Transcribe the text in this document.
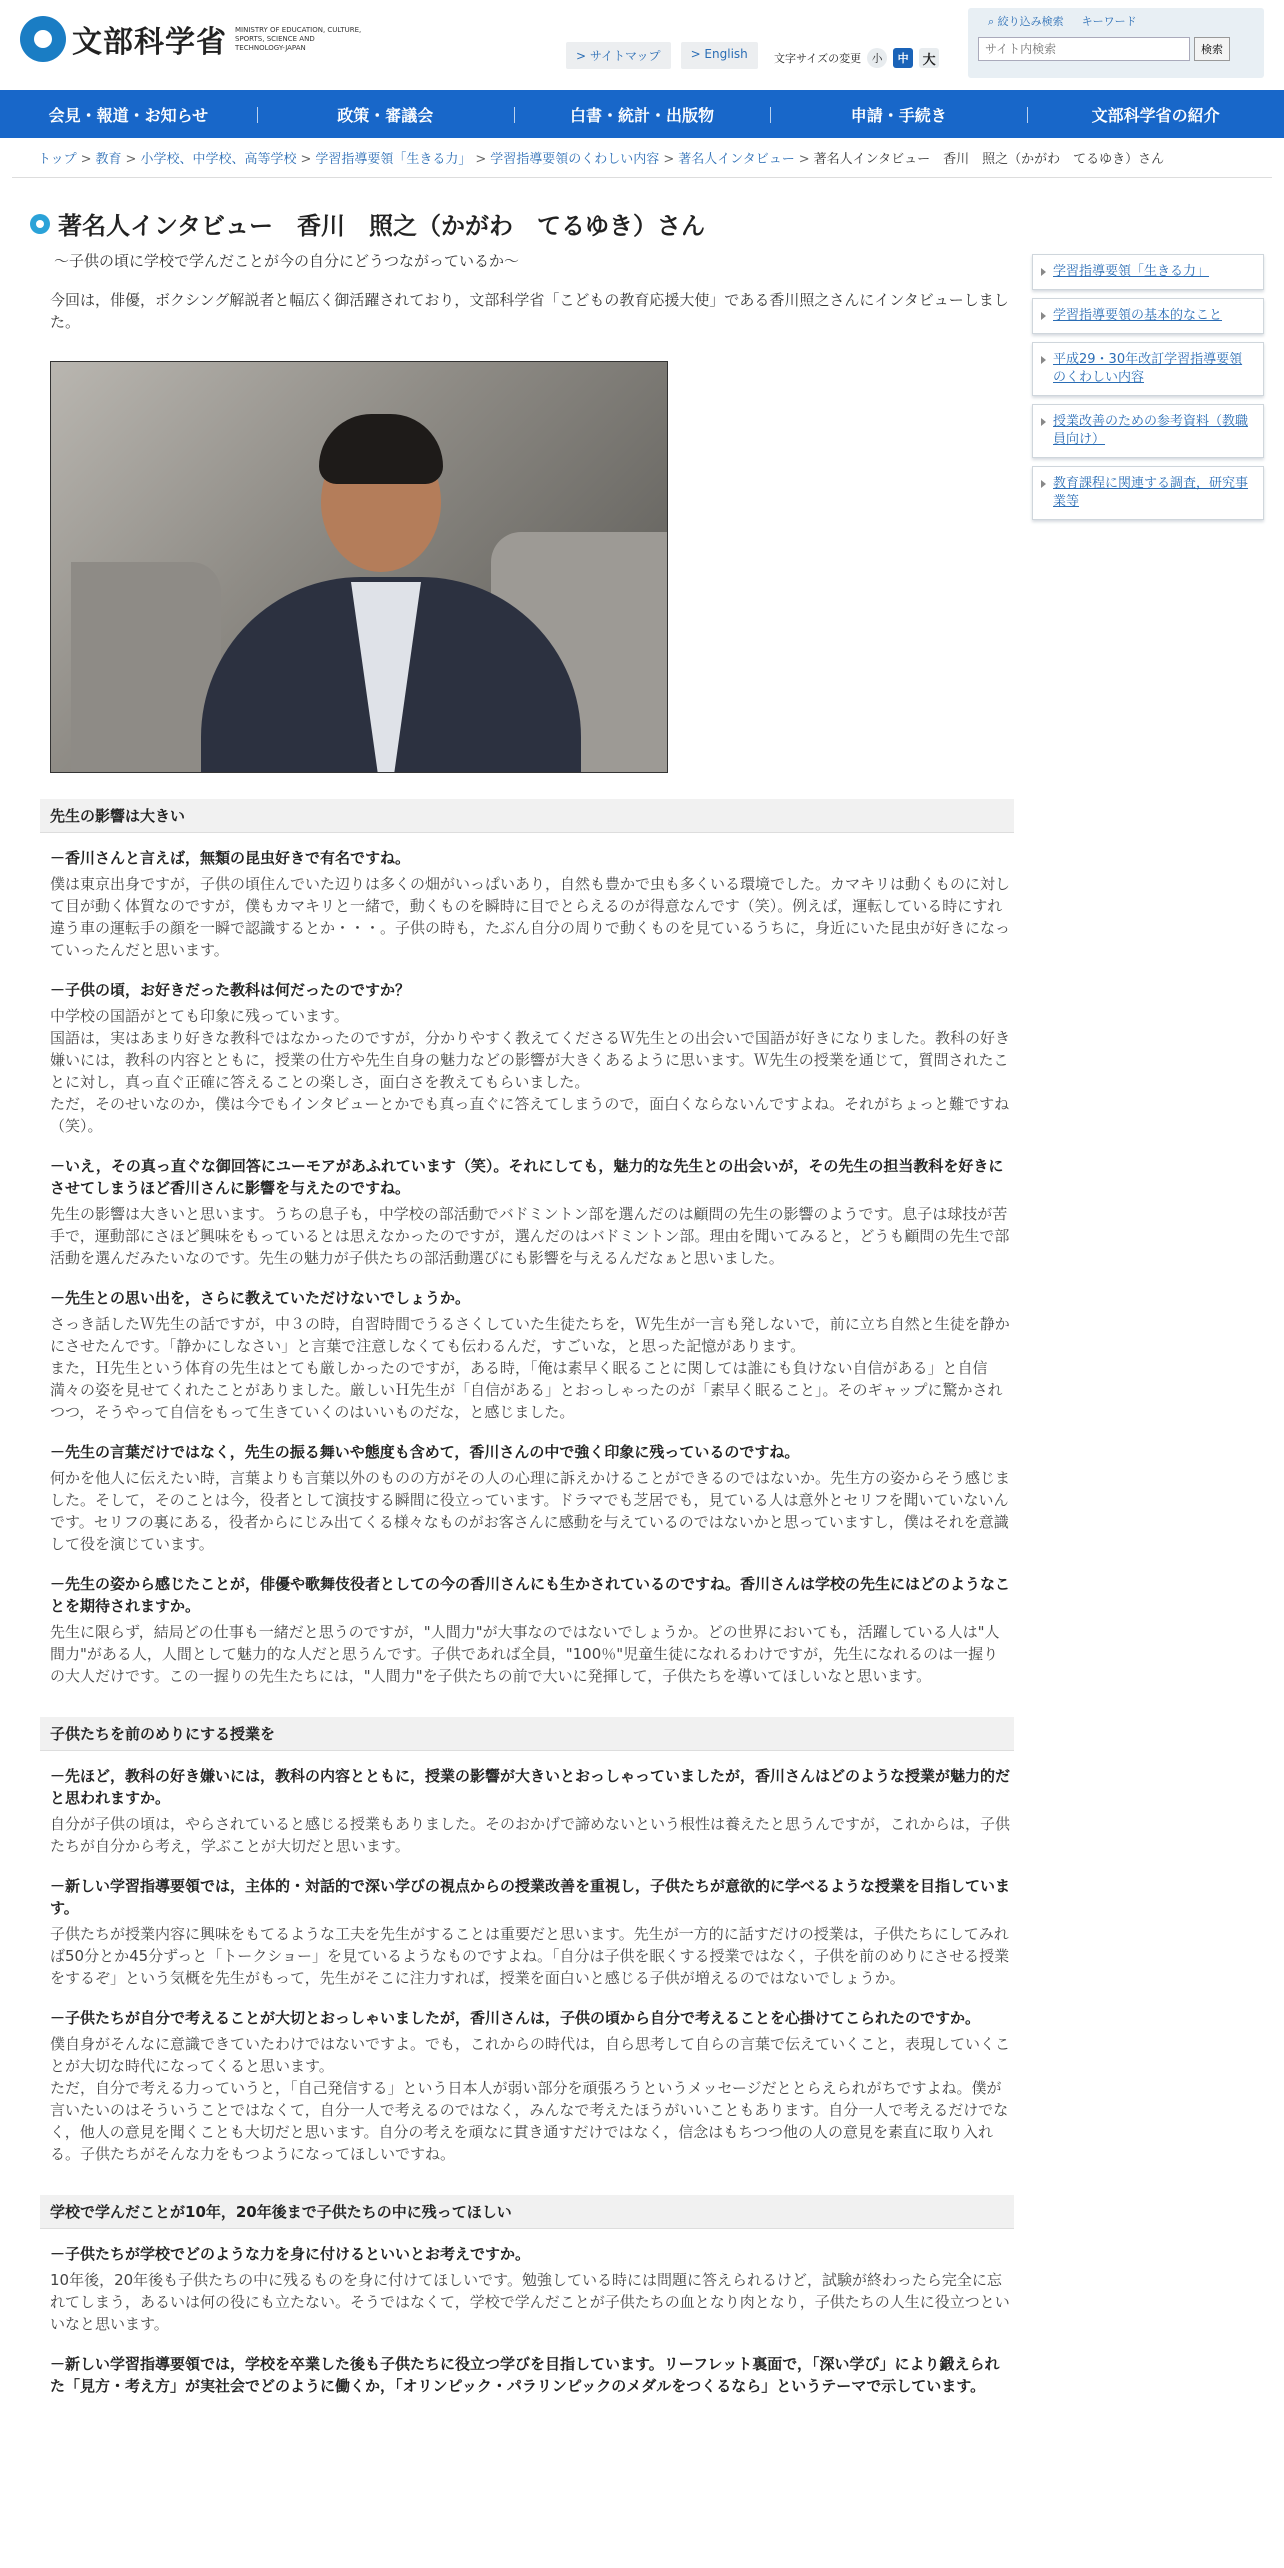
文部科学省 MINISTRY OF EDUCATION, CULTURE, SPORTS, SCIENCE AND TECHNOLOGY-JAPAN
> サイトマップ	> English	文字サイズの変更 小	中	大
⌕ 絞り込み検索 キーワード
サイト内検索
検索
会見・報道・お知らせ	政策・審議会	白書・統計・出版物	申請・手続き	文部科学省の紹介
トップ > 教育 > 小学校、中学校、高等学校 > 学習指導要領「生きる力」 > 学習指導要領のくわしい内容 > 著名人インタビュー > 著名人インタビュー　香川　照之（かがわ　てるゆき）さん
著名人インタビュー　香川　照之（かがわ　てるゆき）さん

～子供の頃に学校で学んだことが今の自分にどうつながっているか～

今回は，俳優，ボクシング解説者と幅広く御活躍されており，文部科学省「こどもの教育応援大使」である香川照之さんにインタビューしました。

先生の影響は大きい

－香川さんと言えば，無類の昆虫好きで有名ですね。

僕は東京出身ですが，子供の頃住んでいた辺りは多くの畑がいっぱいあり，自然も豊かで虫も多くいる環境でした。カマキリは動くものに対して目が動く体質なのですが，僕もカマキリと一緒で，動くものを瞬時に目でとらえるのが得意なんです（笑）。例えば，運転している時にすれ違う車の運転手の顔を一瞬で認識するとか・・・。子供の時も，たぶん自分の周りで動くものを見ているうちに，身近にいた昆虫が好きになっていったんだと思います。

－子供の頃，お好きだった教科は何だったのですか？

中学校の国語がとても印象に残っています。
国語は，実はあまり好きな教科ではなかったのですが，分かりやすく教えてくださるＷ先生との出会いで国語が好きになりました。教科の好き嫌いには，教科の内容とともに，授業の仕方や先生自身の魅力などの影響が大きくあるように思います。Ｗ先生の授業を通じて，質問されたことに対し，真っ直ぐ正確に答えることの楽しさ，面白さを教えてもらいました。
ただ，そのせいなのか，僕は今でもインタビューとかでも真っ直ぐに答えてしまうので，面白くならないんですよね。それがちょっと難ですね（笑）。

－いえ，その真っ直ぐな御回答にユーモアがあふれています（笑）。それにしても，魅力的な先生との出会いが，その先生の担当教科を好きにさせてしまうほど香川さんに影響を与えたのですね。

先生の影響は大きいと思います。うちの息子も，中学校の部活動でバドミントン部を選んだのは顧問の先生の影響のようです。息子は球技が苦手で，運動部にさほど興味をもっているとは思えなかったのですが，選んだのはバドミントン部。理由を聞いてみると，どうも顧問の先生で部活動を選んだみたいなのです。先生の魅力が子供たちの部活動選びにも影響を与えるんだなぁと思いました。

－先生との思い出を，さらに教えていただけないでしょうか。

さっき話したＷ先生の話ですが，中３の時，自習時間でうるさくしていた生徒たちを，Ｗ先生が一言も発しないで，前に立ち自然と生徒を静かにさせたんです。「静かにしなさい」と言葉で注意しなくても伝わるんだ，すごいな，と思った記憶があります。
また，Ｈ先生という体育の先生はとても厳しかったのですが，ある時，「俺は素早く眠ることに関しては誰にも負けない自信がある」と自信満々の姿を見せてくれたことがありました。厳しいＨ先生が「自信がある」とおっしゃったのが「素早く眠ること」。そのギャップに驚かされつつ，そうやって自信をもって生きていくのはいいものだな，と感じました。

－先生の言葉だけではなく，先生の振る舞いや態度も含めて，香川さんの中で強く印象に残っているのですね。

何かを他人に伝えたい時，言葉よりも言葉以外のものの方がその人の心理に訴えかけることができるのではないか。先生方の姿からそう感じました。そして，そのことは今，役者として演技する瞬間に役立っています。ドラマでも芝居でも，見ている人は意外とセリフを聞いていないんです。セリフの裏にある，役者からにじみ出てくる様々なものがお客さんに感動を与えているのではないかと思っていますし，僕はそれを意識して役を演じています。

－先生の姿から感じたことが，俳優や歌舞伎役者としての今の香川さんにも生かされているのですね。香川さんは学校の先生にはどのようなことを期待されますか。

先生に限らず，結局どの仕事も一緒だと思うのですが，"人間力"が大事なのではないでしょうか。どの世界においても，活躍している人は"人間力"がある人，人間として魅力的な人だと思うんです。子供であれば全員，"100％"児童生徒になれるわけですが，先生になれるのは一握りの大人だけです。この一握りの先生たちには，"人間力"を子供たちの前で大いに発揮して，子供たちを導いてほしいなと思います。

子供たちを前のめりにする授業を

－先ほど，教科の好き嫌いには，教科の内容とともに，授業の影響が大きいとおっしゃっていましたが，香川さんはどのような授業が魅力的だと思われますか。

自分が子供の頃は，やらされていると感じる授業もありました。そのおかげで諦めないという根性は養えたと思うんですが，これからは，子供たちが自分から考え，学ぶことが大切だと思います。

－新しい学習指導要領では，主体的・対話的で深い学びの視点からの授業改善を重視し，子供たちが意欲的に学べるような授業を目指しています。

子供たちが授業内容に興味をもてるような工夫を先生がすることは重要だと思います。先生が一方的に話すだけの授業は，子供たちにしてみれば50分とか45分ずっと「トークショー」を見ているようなものですよね。「自分は子供を眠くする授業ではなく，子供を前のめりにさせる授業をするぞ」という気概を先生がもって，先生がそこに注力すれば，授業を面白いと感じる子供が増えるのではないでしょうか。

－子供たちが自分で考えることが大切とおっしゃいましたが，香川さんは，子供の頃から自分で考えることを心掛けてこられたのですか。

僕自身がそんなに意識できていたわけではないですよ。でも，これからの時代は，自ら思考して自らの言葉で伝えていくこと，表現していくことが大切な時代になってくると思います。
ただ，自分で考える力っていうと，「自己発信する」という日本人が弱い部分を頑張ろうというメッセージだととらえられがちですよね。僕が言いたいのはそういうことではなくて，自分一人で考えるのではなく，みんなで考えたほうがいいこともあります。自分一人で考えるだけでなく，他人の意見を聞くことも大切だと思います。自分の考えを頑なに貫き通すだけではなく，信念はもちつつ他の人の意見を素直に取り入れる。子供たちがそんな力をもつようになってほしいですね。

学校で学んだことが10年，20年後まで子供たちの中に残ってほしい

－子供たちが学校でどのような力を身に付けるといいとお考えですか。

10年後，20年後も子供たちの中に残るものを身に付けてほしいです。勉強している時には問題に答えられるけど，試験が終わったら完全に忘れてしまう，あるいは何の役にも立たない。そうではなくて，学校で学んだことが子供たちの血となり肉となり，子供たちの人生に役立つといいなと思います。

－新しい学習指導要領では，学校を卒業した後も子供たちに役立つ学びを目指しています。リーフレット裏面で，「深い学び」により鍛えられた「見方・考え方」が実社会でどのように働くか，「オリンピック・パラリンピックのメダルをつくるなら」というテーマで示しています。

学習指導要領「生きる力」
学習指導要領の基本的なこと
平成29・30年改訂学習指導要領のくわしい内容
授業改善のための参考資料（教職員向け）
教育課程に関連する調査，研究事業等
